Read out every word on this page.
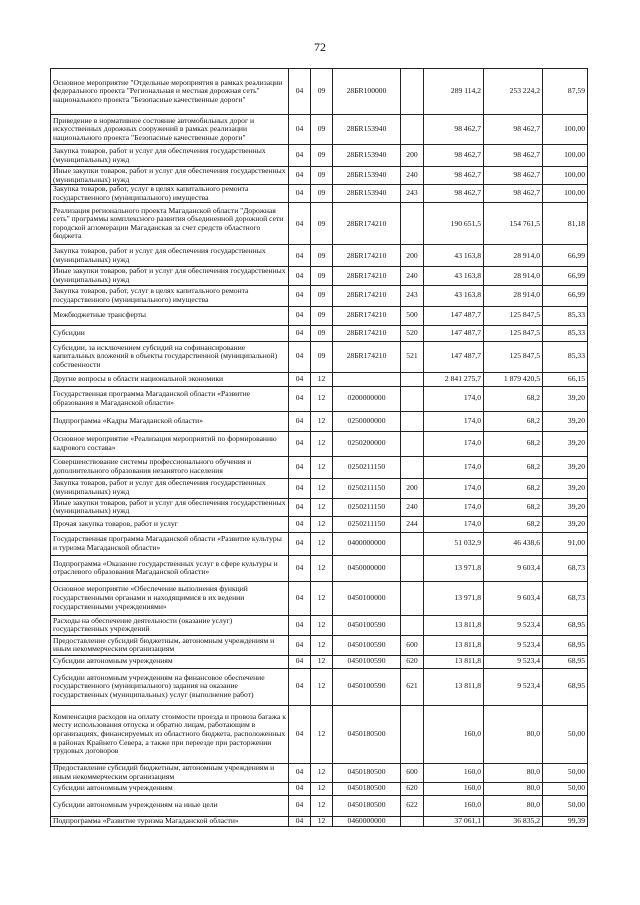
72
Основное мероприятие "Отдельные мероприятия в рамках реализации федерального проекта "Региональная и местная дорожная сеть" национального проекта "Безопасные качественные дороги"	04	09	28БR100000		289 114,2	253 224,2	87,59
Приведение в нормативное состояние автомобильных дорог и искусственных дорожных сооружений в рамках реализации национального проекта "Безопасные качественные дороги"	04	09	28БR153940		98 462,7	98 462,7	100,00
Закупка товаров, работ и услуг для обеспечения государственных (муниципальных) нужд	04	09	28БR153940	200	98 462,7	98 462,7	100,00
Иные закупки товаров, работ и услуг для обеспечения государственных (муниципальных) нужд	04	09	28БR153940	240	98 462,7	98 462,7	100,00
Закупка товаров, работ, услуг в целях капитального ремонта государственного (муниципального) имущества	04	09	28БR153940	243	98 462,7	98 462,7	100,00
Реализация регионального проекта Магаданской области "Дорожная сеть" программы комплексного развития объединенной дорожной сети городской агломерации Магаданская за счет средств областного бюджета	04	09	28БR174210		190 651,5	154 761,5	81,18
Закупка товаров, работ и услуг для обеспечения государственных (муниципальных) нужд	04	09	28БR174210	200	43 163,8	28 914,0	66,99
Иные закупки товаров, работ и услуг для обеспечения государственных (муниципальных) нужд	04	09	28БR174210	240	43 163,8	28 914,0	66,99
Закупка товаров, работ, услуг в целях капитального ремонта государственного (муниципального) имущества	04	09	28БR174210	243	43 163,8	28 914,0	66,99
Межбюджетные трансферты	04	09	28БR174210	500	147 487,7	125 847,5	85,33
Субсидии	04	09	28БR174210	520	147 487,7	125 847,5	85,33
Субсидии, за исключением субсидий на софинансирование капитальных вложений в объекты государственной (муниципальной) собственности	04	09	28БR174210	521	147 487,7	125 847,5	85,33
Другие вопросы в области национальной экономики	04	12			2 841 275,7	1 879 420,5	66,15
Государственная программа Магаданской области «Развитие образования в Магаданской области»	04	12	0200000000		174,0	68,2	39,20
Подпрограмма «Кадры Магаданской области»	04	12	0250000000		174,0	68,2	39,20
Основное мероприятие «Реализация мероприятий по формированию кадрового состава»	04	12	0250200000		174,0	68,2	39,20
Совершенствование системы профессионального обучения и дополнительного образования незанятого населения	04	12	0250211150		174,0	68,2	39,20
Закупка товаров, работ и услуг для обеспечения государственных (муниципальных) нужд	04	12	0250211150	200	174,0	68,2	39,20
Иные закупки товаров, работ и услуг для обеспечения государственных (муниципальных) нужд	04	12	0250211150	240	174,0	68,2	39,20
Прочая закупка товаров, работ и услуг	04	12	0250211150	244	174,0	68,2	39,20
Государственная программа Магаданской области «Развитие культуры и туризма Магаданской области»	04	12	0400000000		51 032,9	46 438,6	91,00
Подпрограмма «Оказание государственных услуг в сфере культуры и отраслевого образования Магаданской области»	04	12	0450000000		13 971,8	9 603,4	68,73
Основное мероприятие «Обеспечение выполнения функций государственными органами и находящимися в их ведении государственными учреждениями»	04	12	0450100000		13 971,8	9 603,4	68,73
Расходы на обеспечение деятельности (оказание услуг) государственных учреждений	04	12	0450100590		13 811,8	9 523,4	68,95
Предоставление субсидий бюджетным, автономным учреждениям и иным некоммерческим организациям	04	12	0450100590	600	13 811,8	9 523,4	68,95
Субсидии автономным учреждениям	04	12	0450100590	620	13 811,8	9 523,4	68,95
Субсидии автономным учреждениям на финансовое обеспечение государственного (муниципального) задания на оказание государственных (муниципальных) услуг (выполнение работ)	04	12	0450100590	621	13 811,8	9 523,4	68,95
Компенсация расходов на оплату стоимости проезда и провоза багажа к месту использования отпуска и обратно лицам, работающим в организациях, финансируемых из областного бюджета, расположенных в районах Крайнего Севера, а также при переезде при расторжении трудовых договоров	04	12	0450180500		160,0	80,0	50,00
Предоставление субсидий бюджетным, автономным учреждениям и иным некоммерческим организациям	04	12	0450180500	600	160,0	80,0	50,00
Субсидии автономным учреждениям	04	12	0450180500	620	160,0	80,0	50,00
Субсидии автономным учреждениям на иные цели	04	12	0450180500	622	160,0	80,0	50,00
Подпрограмма «Развитие туризма Магаданской области»	04	12	0460000000		37 061,1	36 835,2	99,39
